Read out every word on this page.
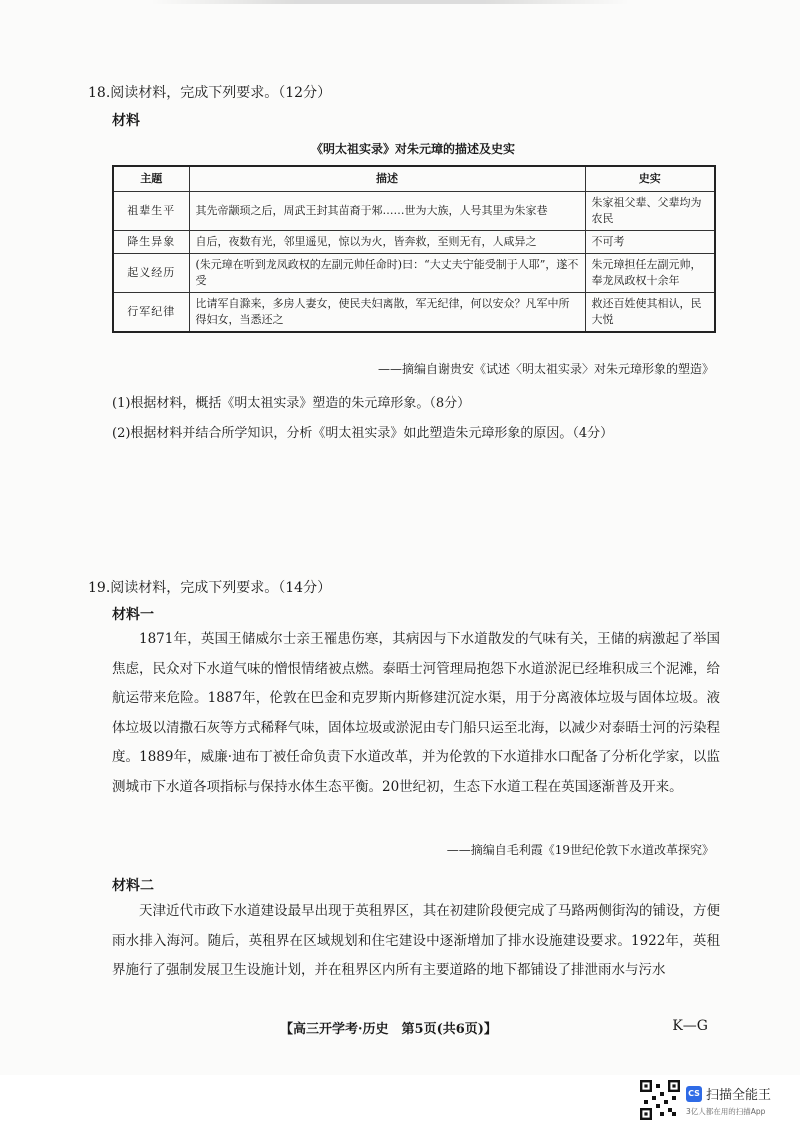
18.阅读材料，完成下列要求。（12分）
材料
《明太祖实录》对朱元璋的描述及史实
主题	描述	史实
祖辈生平	其先帝颛顼之后，周武王封其苗裔于邾……世为大族，人号其里为朱家巷	朱家祖父辈、父辈均为农民
降生异象	自后，夜数有光，邻里遥见，惊以为火，皆奔救，至则无有，人咸异之	不可考
起义经历	(朱元璋在听到龙凤政权的左副元帅任命时)曰：“大丈夫宁能受制于人耶”，遂不受	朱元璋担任左副元帅，奉龙凤政权十余年
行军纪律	比请军自滁来，多房人妻女，使民夫妇离散，军无纪律，何以安众？凡军中所得妇女，当悉还之	救还百姓使其相认，民大悦
——摘编自谢贵安《试述〈明太祖实录〉对朱元璋形象的塑造》
(1)根据材料，概括《明太祖实录》塑造的朱元璋形象。（8分）
(2)根据材料并结合所学知识，分析《明太祖实录》如此塑造朱元璋形象的原因。（4分）
19.阅读材料，完成下列要求。（14分）
材料一

1871年，英国王储威尔士亲王罹患伤寒，其病因与下水道散发的气味有关，王储的病激起了举国焦虑，民众对下水道气味的憎恨情绪被点燃。泰晤士河管理局抱怨下水道淤泥已经堆积成三个泥滩，给航运带来危险。1887年，伦敦在巴金和克罗斯内斯修建沉淀水渠，用于分离液体垃圾与固体垃圾。液体垃圾以清撒石灰等方式稀释气味，固体垃圾或淤泥由专门船只运至北海，以减少对泰晤士河的污染程度。1889年，威廉·迪布丁被任命负责下水道改革，并为伦敦的下水道排水口配备了分析化学家，以监测城市下水道各项指标与保持水体生态平衡。20世纪初，生态下水道工程在英国逐渐普及开来。

——摘编自毛利霞《19世纪伦敦下水道改革探究》
材料二

天津近代市政下水道建设最早出现于英租界区，其在初建阶段便完成了马路两侧街沟的铺设，方便雨水排入海河。随后，英租界在区域规划和住宅建设中逐渐增加了排水设施建设要求。1922年，英租界施行了强制发展卫生设施计划，并在租界区内所有主要道路的地下都铺设了排泄雨水与污水

【高三开学考·历史　第5页(共6页)】	K—G
CS 扫描全能王
3亿人都在用的扫描App
